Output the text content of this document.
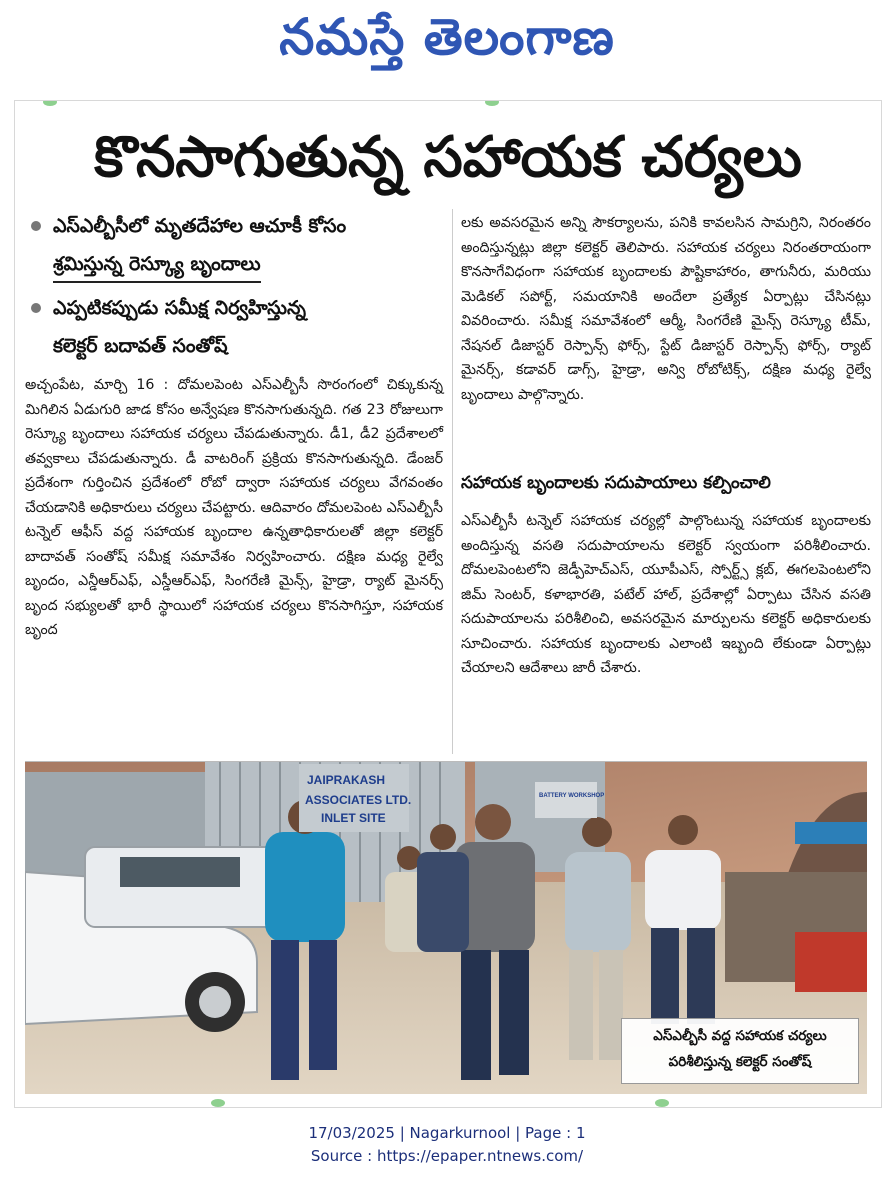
నమస్తే తెలంగాణ
కొనసాగుతున్న సహాయక చర్యలు
ఎస్ఎల్బీసీలో మృతదేహాల ఆచూకీ కోసం
శ్రమిస్తున్న రెస్క్యూ బృందాలు
ఎప్పటికప్పుడు సమీక్ష నిర్వహిస్తున్న
కలెక్టర్ బదావత్ సంతోష్
అచ్చంపేట, మార్చి 16 : దోమలపెంట ఎస్ఎల్బీసీ సొరంగంలో చిక్కుకున్న మిగిలిన ఏడుగురి జాడ కోసం అన్వేషణ కొనసాగుతున్నది. గత 23 రోజులుగా రెస్క్యూ బృందాలు సహాయక చర్యలు చేపడుతున్నారు. డీ1, డీ2 ప్రదేశాలలో తవ్వకాలు చేపడుతున్నారు. డీ వాటరింగ్ ప్రక్రియ కొనసాగుతున్నది. డేంజర్ ప్రదేశంగా గుర్తించిన ప్రదేశంలో రోబో ద్వారా సహాయక చర్యలు వేగవంతం చేయడానికి అధికారులు చర్యలు చేపట్టారు. ఆదివారం దోమలపెంట ఎస్ఎల్బీసీ టన్నెల్ ఆఫీస్ వద్ద సహాయక బృందాల ఉన్నతాధికారులతో జిల్లా కలెక్టర్ బాదావత్ సంతోష్ సమీక్ష సమావేశం నిర్వహించారు. దక్షిణ మధ్య రైల్వే బృందం, ఎన్డీఆర్ఎఫ్, ఎస్డీఆర్ఎఫ్, సింగరేణి మైన్స్, హైడ్రా, ర్యాట్ మైనర్స్ బృంద సభ్యులతో భారీ స్థాయిలో సహాయక చర్యలు కొనసాగిస్తూ, సహాయక బృంద
లకు అవసరమైన అన్ని సౌకర్యాలను, పనికి కావలసిన సామగ్రిని, నిరంతరం అందిస్తున్నట్లు జిల్లా కలెక్టర్ తెలిపారు. సహాయక చర్యలు నిరంతరాయంగా కొనసాగేవిధంగా సహాయక బృందాలకు పౌష్టికాహారం, తాగునీరు, మరియు మెడికల్ సపోర్ట్, సమయానికి అందేలా ప్రత్యేక ఏర్పాట్లు చేసినట్లు వివరించారు. సమీక్ష సమావేశంలో ఆర్మీ, సింగరేణి మైన్స్ రెస్క్యూ టీమ్, నేషనల్ డిజాస్టర్ రెస్పాన్స్ ఫోర్స్, స్టేట్ డిజాస్టర్ రెస్పాన్స్ ఫోర్స్, ర్యాట్ మైనర్స్, కడావర్ డాగ్స్, హైడ్రా, అన్వి రోబోటిక్స్, దక్షిణ మధ్య రైల్వే బృందాలు పాల్గొన్నారు.
సహాయక బృందాలకు సదుపాయాలు కల్పించాలి
ఎస్ఎల్బీసీ టన్నెల్ సహాయక చర్యల్లో పాల్గొంటున్న సహాయక బృందాలకు అందిస్తున్న వసతి సదుపాయాలను కలెక్టర్ స్వయంగా పరిశీలించారు. దోమలపెంటలోని జెడ్పీహెచ్ఎస్, యూపీఎస్, స్పోర్ట్స్ క్లబ్, ఈగలపెంటలోని జిమ్ సెంటర్, కళాభారతి, పటేల్ హాల్, ప్రదేశాల్లో ఏర్పాటు చేసిన వసతి సదుపాయాలను పరిశీలించి, అవసరమైన మార్పులను కలెక్టర్ అధికారులకు సూచించారు. సహాయక బృందాలకు ఎలాంటి ఇబ్బంది లేకుండా ఏర్పాట్లు చేయాలని ఆదేశాలు జారీ చేశారు.
JAIPRAKASH
ASSOCIATES LTD.
INLET SITE
BATTERY WORKSHOP
ఎస్ఎల్బీసీ వద్ద సహాయక చర్యలు
పరిశీలిస్తున్న కలెక్టర్ సంతోష్
17/03/2025 | Nagarkurnool | Page : 1
Source : https://epaper.ntnews.com/
